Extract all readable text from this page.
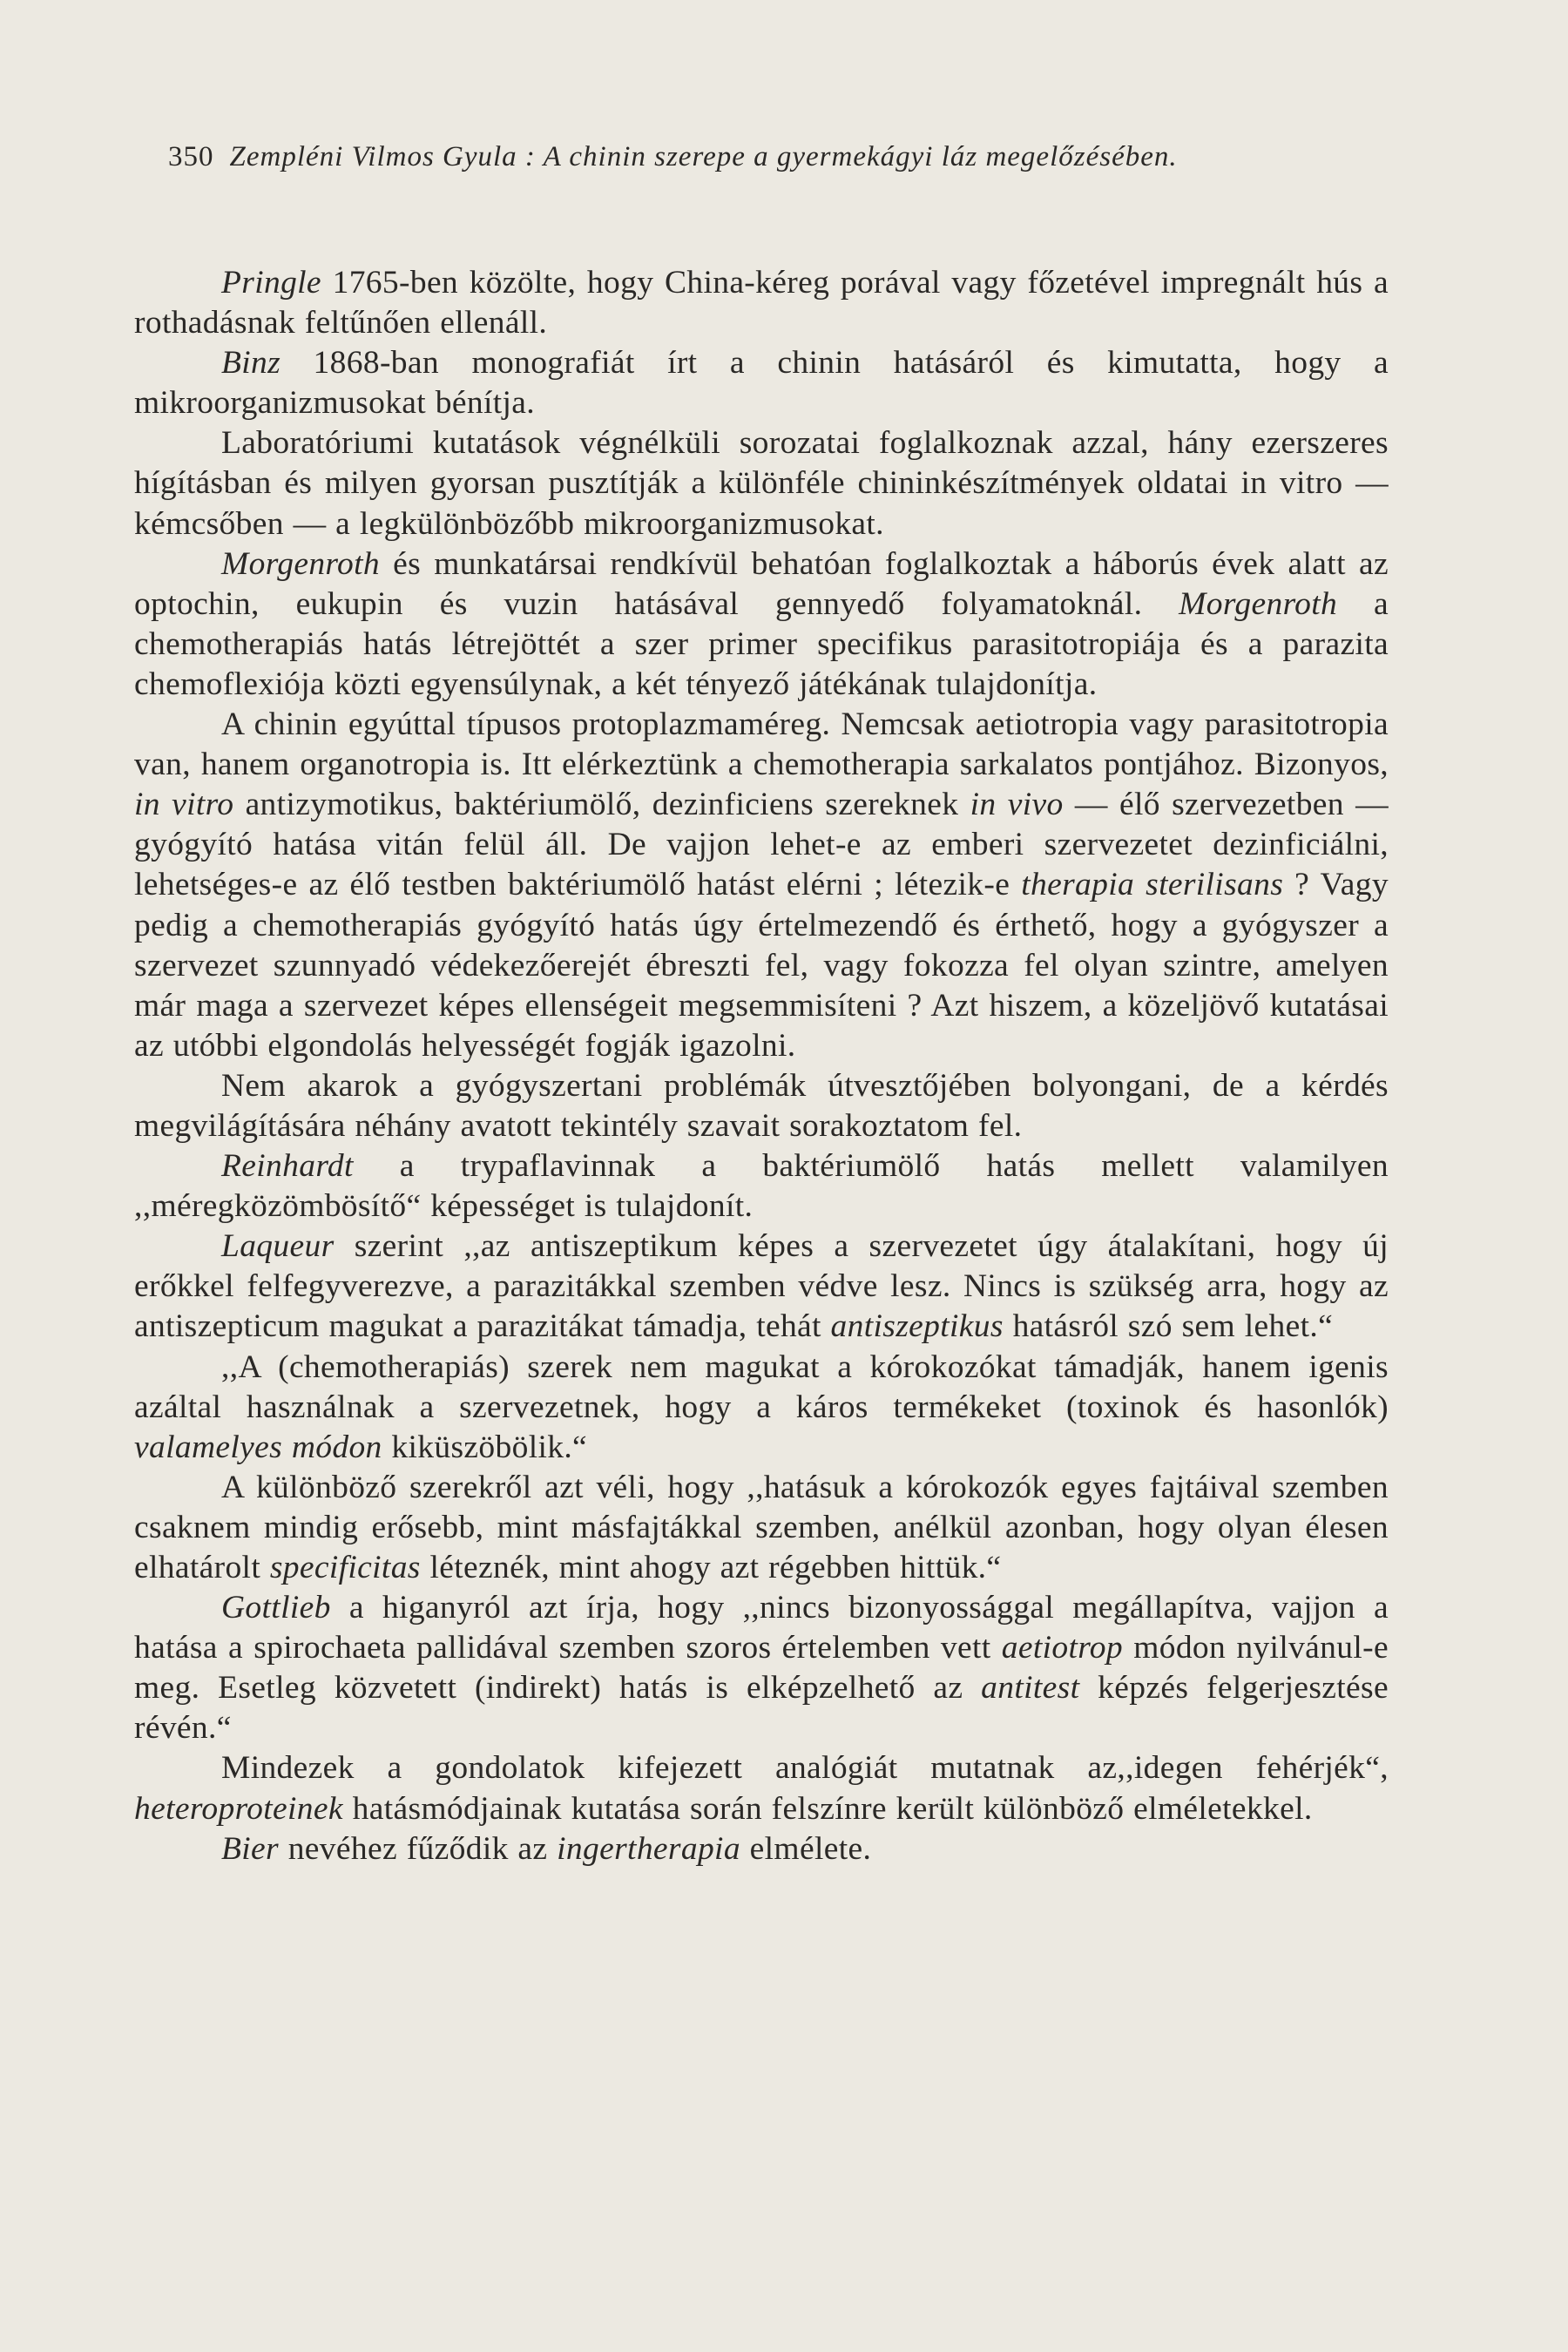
350 Zempléni Vilmos Gyula : A chinin szerepe a gyermekágyi láz megelőzésében.

Pringle 1765-ben közölte, hogy China-kéreg porával vagy főzetével impregnált hús a rothadásnak feltűnően ellenáll.

Binz 1868-ban monografiát írt a chinin hatásáról és kimutatta, hogy a mikroorganizmusokat bénítja.

Laboratóriumi kutatások végnélküli sorozatai foglalkoznak azzal, hány ezerszeres hígításban és milyen gyorsan pusztítják a különféle chininkészítmények oldatai in vitro — kémcsőben — a legkülönbözőbb mikroorganizmusokat.

Morgenroth és munkatársai rendkívül behatóan foglalkoztak a háborús évek alatt az optochin, eukupin és vuzin hatásával gennyedő folyamatoknál. Morgenroth a chemotherapiás hatás létrejöttét a szer primer specifikus parasitotropiája és a parazita chemoflexiója közti egyensúlynak, a két tényező játékának tulajdonítja.

A chinin egyúttal típusos protoplazmaméreg. Nemcsak aetiotropia vagy parasitotropia van, hanem organotropia is. Itt elérkeztünk a chemotherapia sarkalatos pontjához. Bizonyos, in vitro antizymotikus, baktériumölő, dezinficiens szereknek in vivo — élő szervezetben — gyógyító hatása vitán felül áll. De vajjon lehet-e az emberi szervezetet dezinficiálni, lehetséges-e az élő testben baktériumölő hatást elérni ; létezik-e therapia sterilisans ? Vagy pedig a chemotherapiás gyógyító hatás úgy értelmezendő és érthető, hogy a gyógyszer a szervezet szunnyadó védekezőerejét ébreszti fel, vagy fokozza fel olyan szintre, amelyen már maga a szervezet képes ellenségeit megsemmisíteni ? Azt hiszem, a közeljövő kutatásai az utóbbi elgondolás helyességét fogják igazolni.

Nem akarok a gyógyszertani problémák útvesztőjében bolyongani, de a kérdés megvilágítására néhány avatott tekintély szavait sorakoztatom fel.

Reinhardt a trypaflavinnak a baktériumölő hatás mellett valamilyen ,,méregközömbösítő“ képességet is tulajdonít.

Laqueur szerint ,,az antiszeptikum képes a szervezetet úgy átalakítani, hogy új erőkkel felfegyverezve, a parazitákkal szemben védve lesz. Nincs is szükség arra, hogy az antiszepticum magukat a parazitákat támadja, tehát antiszeptikus hatásról szó sem lehet.“

,,A (chemotherapiás) szerek nem magukat a kórokozókat támadják, hanem igenis azáltal használnak a szervezetnek, hogy a káros termékeket (toxinok és hasonlók) valamelyes módon kiküszöbölik.“

A különböző szerekről azt véli, hogy ,,hatásuk a kórokozók egyes fajtáival szemben csaknem mindig erősebb, mint másfajtákkal szemben, anélkül azonban, hogy olyan élesen elhatárolt specificitas léteznék, mint ahogy azt régebben hittük.“

Gottlieb a higanyról azt írja, hogy ,,nincs bizonyossággal megállapítva, vajjon a hatása a spirochaeta pallidával szemben szoros értelemben vett aetiotrop módon nyilvánul-e meg. Esetleg közvetett (indirekt) hatás is elképzelhető az antitest képzés felgerjesztése révén.“

Mindezek a gondolatok kifejezett analógiát mutatnak az,,idegen fehérjék“, heteroproteinek hatásmódjainak kutatása során felszínre került különböző elméletekkel.

Bier nevéhez fűződik az ingertherapia elmélete.
